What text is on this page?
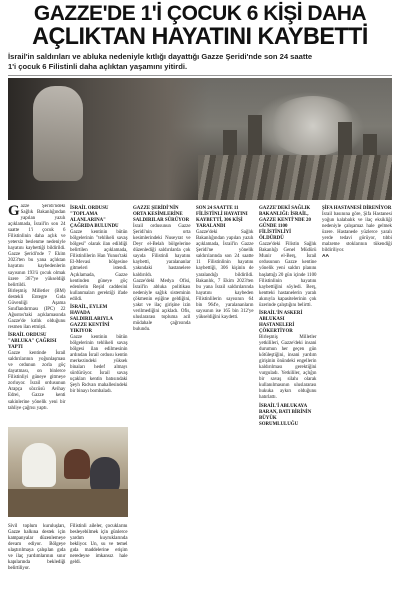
GAZZE'DE 1'İ ÇOCUK 6 KİŞİ DAHA
AÇLIKTAN HAYATINI KAYBETTİ
İsrail'in saldırıları ve abluka nedeniyle kıtlığı dayattığı Gazze Şeridi'nde son 24 saatte
1'i çocuk 6 Filistinli daha açlıktan yaşamını yitirdi.

Gazze Şeridi'ndeki Sağlık Bakanlığından yapılan yazılı açıklamada, İsrail'in son 24 saatte 1'i çocuk 6 Filistinlinin daha açlık ve yetersiz beslenme nedeniyle hayatını kaybettiği bildirildi. Gazze Şeridi'nde 7 Ekim 2023'ten bu yana açlıktan hayatını kaybedenlerin sayısının 193'ü çocuk olmak üzere 367'ye yükseldiği belirtildi.

Birleşmiş Milletler (BM) destekli Entegre Gıda Güvenliği Aşama Sınıflandırması (IPC) 22 Ağustos'taki açıklamasında Gazze'de kıtlık olduğunu resmen ilan etmişti.

İSRAİL ORDUSU "ABLUKA" ÇAĞRISI YAPTI

Gazze kentinde İsrail saldırılarının yoğunlaşması ve ordunun zorla göç dayatması, on binlerce Filistinliyi güneye gitmeye zorluyor. İsrail ordusunun Arapça sözcüsü Avihay Edrei, Gazze kenti sakinlerine yönelik yeni bir tahliye çağrısı yaptı.

İSRAİL ORDUSU "TOPLAMA ALANLARINA" ÇAĞRIDA BULUNDU

Gazze kentinin bütün bölgelerinin "tehlikeli savaş bölgesi" olarak ilan edildiği belirtilen açıklamada, Filistinlilerin Han Yunus'taki El-Mevasi bölgesine gitmeleri istendi. Açıklamada, Gazze kentinden güneye göç edenlerin Reşid caddesini kullanmaları gerektiği ifade edildi.

İSRAİL, EYLEM HAVADA SALDIRILARIYLA GAZZE KENTİNİ YIKIYOR

Gazze kentinin bütün bölgelerinin tehlikeli savaş bölgesi ilan edilmesinin ardından İsrail ordusu kentin merkezindeki yüksek binaları hedef almayı sürdürüyor. İsrail savaş uçakları kentin batısındaki Şeyh Rıdvan mahallesindeki bir binayı bombaladı.

Sivil toplum kuruluşları, Gazze halkına destek için kampanyalar düzenlemeye devam ediyor. Bölgeye ulaştırılmaya çalışılan gıda ve ilaç yardımlarının sınır kapılarında beklediği belirtiliyor.

Filistinli aileler, çocuklarını besleyebilmek için günlerce yardım kuyruklarında bekliyor. Un, su ve temel gıda maddelerine erişim neredeyse imkansız hale geldi.

GAZZE ŞERİDİ'NİN ORTA KESİMLERİNE SALDIRILAR SÜRÜYOR

İsrail ordusunun Gazze Şeridi'nin orta kesimlerindeki Nuseyrat ve Deyr el-Belah bölgelerine düzenlediği saldırılarda çok sayıda Filistinli hayatını kaybetti, yaralananlar yakındaki hastanelere kaldırıldı.

Gazze'deki Medya Ofisi, İsrail'in abluka politikası nedeniyle sağlık sisteminin çökmenin eşiğine geldiğini, yakıt ve ilaç girişine izin verilmediğini açıkladı. Ofis, uluslararası topluma acil müdahale çağrısında bulundu.

SON 24 SAATTE 11 FİLİSTİNLİ HAYATINI KAYBETTİ, 306 KİŞİ YARALANDI

Gazze'deki Sağlık Bakanlığından yapılan yazılı açıklamada, İsrail'in Gazze Şeridi'ne yönelik saldırılarında son 24 saatte 11 Filistinlinin hayatını kaybettiği, 306 kişinin de yaralandığı bildirildi. Bakanlık, 7 Ekim 2023'ten bu yana İsrail saldırılarında hayatını kaybeden Filistinlilerin sayısının 64 bin 964'e, yaralananların sayısının ise 165 bin 312'ye yükseldiğini kaydetti.

GAZZE'DEKİ SAĞLIK BAKANLIĞI: İSRAİL, GAZZE KENTİ'NDE 20 GÜNDE 1100 FİLİSTİNLİYİ ÖLDÜRDÜ

Gazze'deki Filistin Sağlık Bakanlığı Genel Müdürü Munir el-Berş, İsrail ordusunun Gazze kentine yönelik yeni saldırı planını başlattığı 20 gün içinde 1100 Filistinlinin hayatını kaybettiğini söyledi. Berş, kentteki hastanelerin yaralı akınıyla kapasitelerinin çok üzerinde çalıştığını belirtti.

İSRAİL'İN ASKERİ ABLUKASI HASTANELERİ ÇÖKERTİYOR

Birleşmiş Milletler yetkilileri, Gazze'deki insani durumun her geçen gün kötüleştiğini, insani yardım girişinin önündeki engellerin kaldırılması gerektiğini vurguladı. Yetkililer, açlığın bir savaş silahı olarak kullanılmasının uluslararası hukuka aykırı olduğunu hatırlattı.

İSRAİL'İ ABLUKAYA BARAN, BATI BİRİNİN BÜYÜK SORUMLULUĞU
ŞİFA HASTANESİ DİRENİYOR

İsrail basınına göre, Şifa Hastanesi yoğun kalabalık ve ilaç eksikliği nedeniyle çalışamaz hale gelmek üzere. Hastanede yüzlerce yaralı yerde tedavi görüyor, tıbbi malzeme stoklarının tükendiği bildiriliyor.

AA
